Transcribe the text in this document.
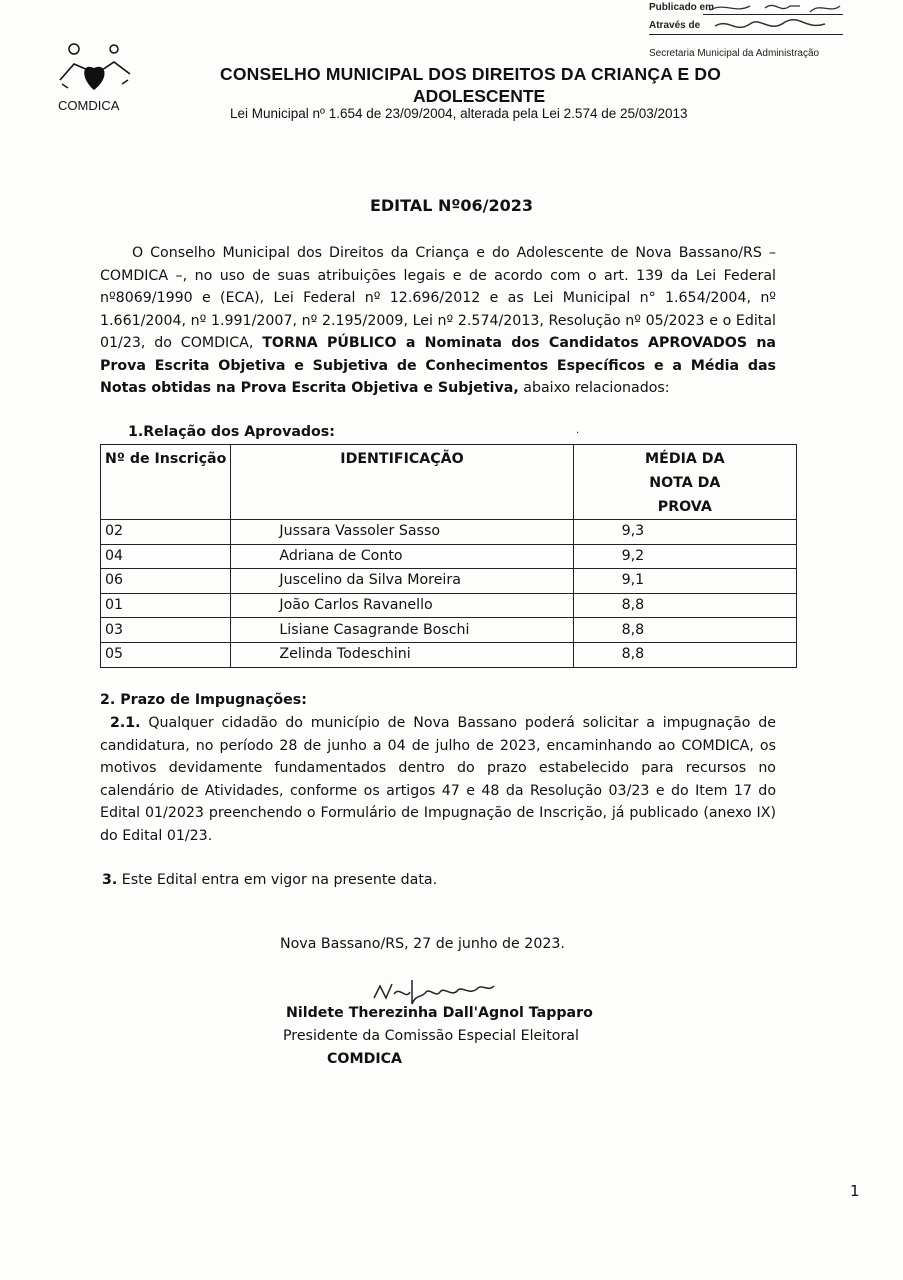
Publicado em
Através de
Secretaria Municipal da Administração
COMDICA
CONSELHO MUNICIPAL DOS DIREITOS DA CRIANÇA E DO
ADOLESCENTE
Lei Municipal nº 1.654 de 23/09/2004, alterada pela Lei 2.574 de 25/03/2013
EDITAL Nº06/2023
O Conselho Municipal dos Direitos da Criança e do Adolescente de Nova Bassano/RS – COMDICA –, no uso de suas atribuições legais e de acordo com o art. 139 da Lei Federal nº8069/1990 e (ECA), Lei Federal nº 12.696/2012 e as Lei Municipal n° 1.654/2004, nº 1.661/2004, nº 1.991/2007, nº 2.195/2009, Lei nº 2.574/2013, Resolução nº 05/2023 e o Edital 01/23, do COMDICA, TORNA PÚBLICO a Nominata dos Candidatos APROVADOS na Prova Escrita Objetiva e Subjetiva de Conhecimentos Específicos e a Média das Notas obtidas na Prova Escrita Objetiva e Subjetiva, abaixo relacionados:
1.Relação dos Aprovados:	·
Nº de Inscrição	IDENTIFICAÇÃO	MÉDIA DA NOTA DA PROVA

02	Jussara Vassoler Sasso	9,3
04	Adriana de Conto	9,2
06	Juscelino da Silva Moreira	9,1
01	João Carlos Ravanello	8,8
03	Lisiane Casagrande Boschi	8,8
05	Zelinda Todeschini	8,8
2. Prazo de Impugnações:
2.1. Qualquer cidadão do município de Nova Bassano poderá solicitar a impugnação de candidatura, no período 28 de junho a 04 de julho de 2023, encaminhando ao COMDICA, os motivos devidamente fundamentados dentro do prazo estabelecido para recursos no calendário de Atividades, conforme os artigos 47 e 48 da Resolução 03/23 e do Item 17 do Edital 01/2023 preenchendo o Formulário de Impugnação de Inscrição, já publicado (anexo IX) do Edital 01/23.
3. Este Edital entra em vigor na presente data.
Nova Bassano/RS, 27 de junho de 2023.
Nildete Therezinha Dall'Agnol Tapparo
Presidente da Comissão Especial Eleitoral
COMDICA
1
